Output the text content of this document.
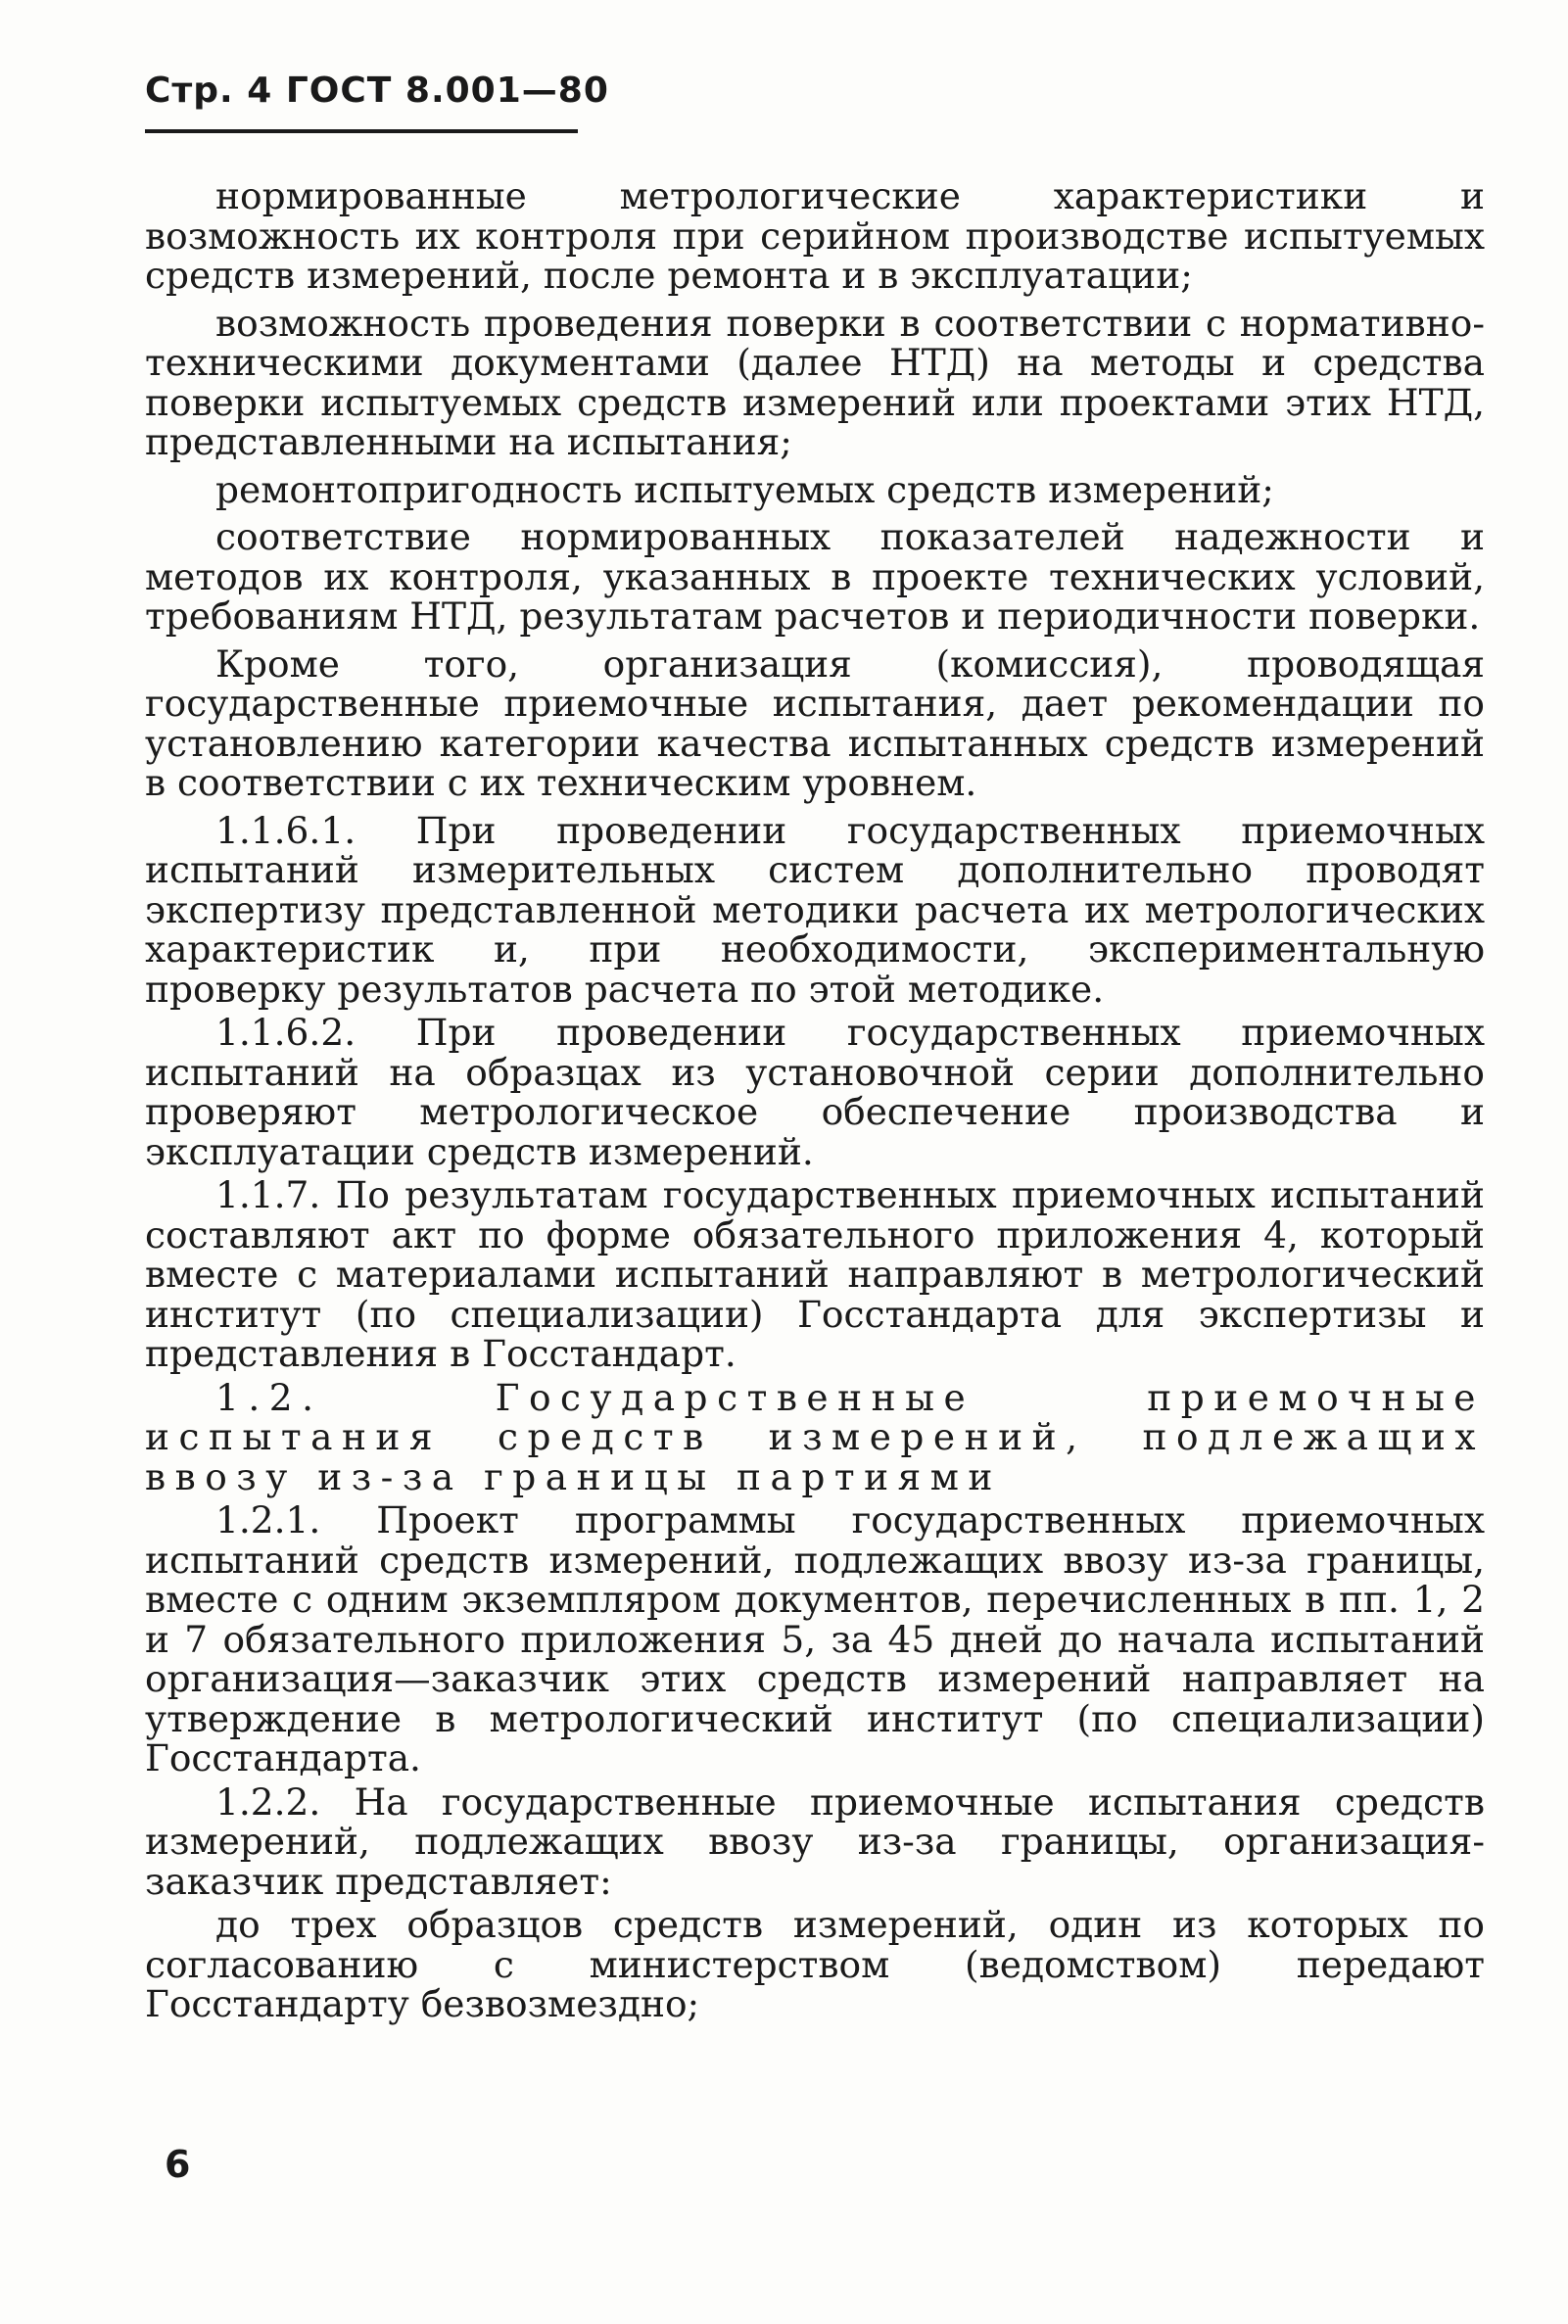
Стр. 4 ГОСТ 8.001—80

нормированные метрологические характеристики и возможность их контроля при серийном производстве испытуемых средств измерений, после ремонта и в эксплуатации;

возможность проведения поверки в соответствии с нормативно-техническими документами (далее НТД) на методы и средства поверки испытуемых средств измерений или проектами этих НТД, представленными на испытания;

ремонтопригодность испытуемых средств измерений;

соответствие нормированных показателей надежности и методов их контроля, указанных в проекте технических условий, требованиям НТД, результатам расчетов и периодичности поверки.

Кроме того, организация (комиссия), проводящая государственные приемочные испытания, дает рекомендации по установлению категории качества испытанных средств измерений в соответствии с их техническим уровнем.

1.1.6.1. При проведении государственных приемочных испытаний измерительных систем дополнительно проводят экспертизу представленной методики расчета их метрологических характеристик и, при необходимости, экспериментальную проверку результатов расчета по этой методике.

1.1.6.2. При проведении государственных приемочных испытаний на образцах из установочной серии дополнительно проверяют метрологическое обеспечение производства и эксплуатации средств измерений.

1.1.7. По результатам государственных приемочных испытаний составляют акт по форме обязательного приложения 4, который вместе с материалами испытаний направляют в метрологический институт (по специализации) Госстандарта для экспертизы и представления в Госстандарт.

1.2. Государственные приемочные испытания средств измерений, подлежащих ввозу из-за границы партиями

1.2.1. Проект программы государственных приемочных испытаний средств измерений, подлежащих ввозу из-за границы, вместе с одним экземпляром документов, перечисленных в пп. 1, 2 и 7 обязательного приложения 5, за 45 дней до начала испытаний организация—заказчик этих средств измерений направляет на утверждение в метрологический институт (по специализации) Госстандарта.

1.2.2. На государственные приемочные испытания средств измерений, подлежащих ввозу из-за границы, организация-заказчик представляет:

до трех образцов средств измерений, один из которых по согласованию с министерством (ведомством) передают Госстандарту безвозмездно;

6
